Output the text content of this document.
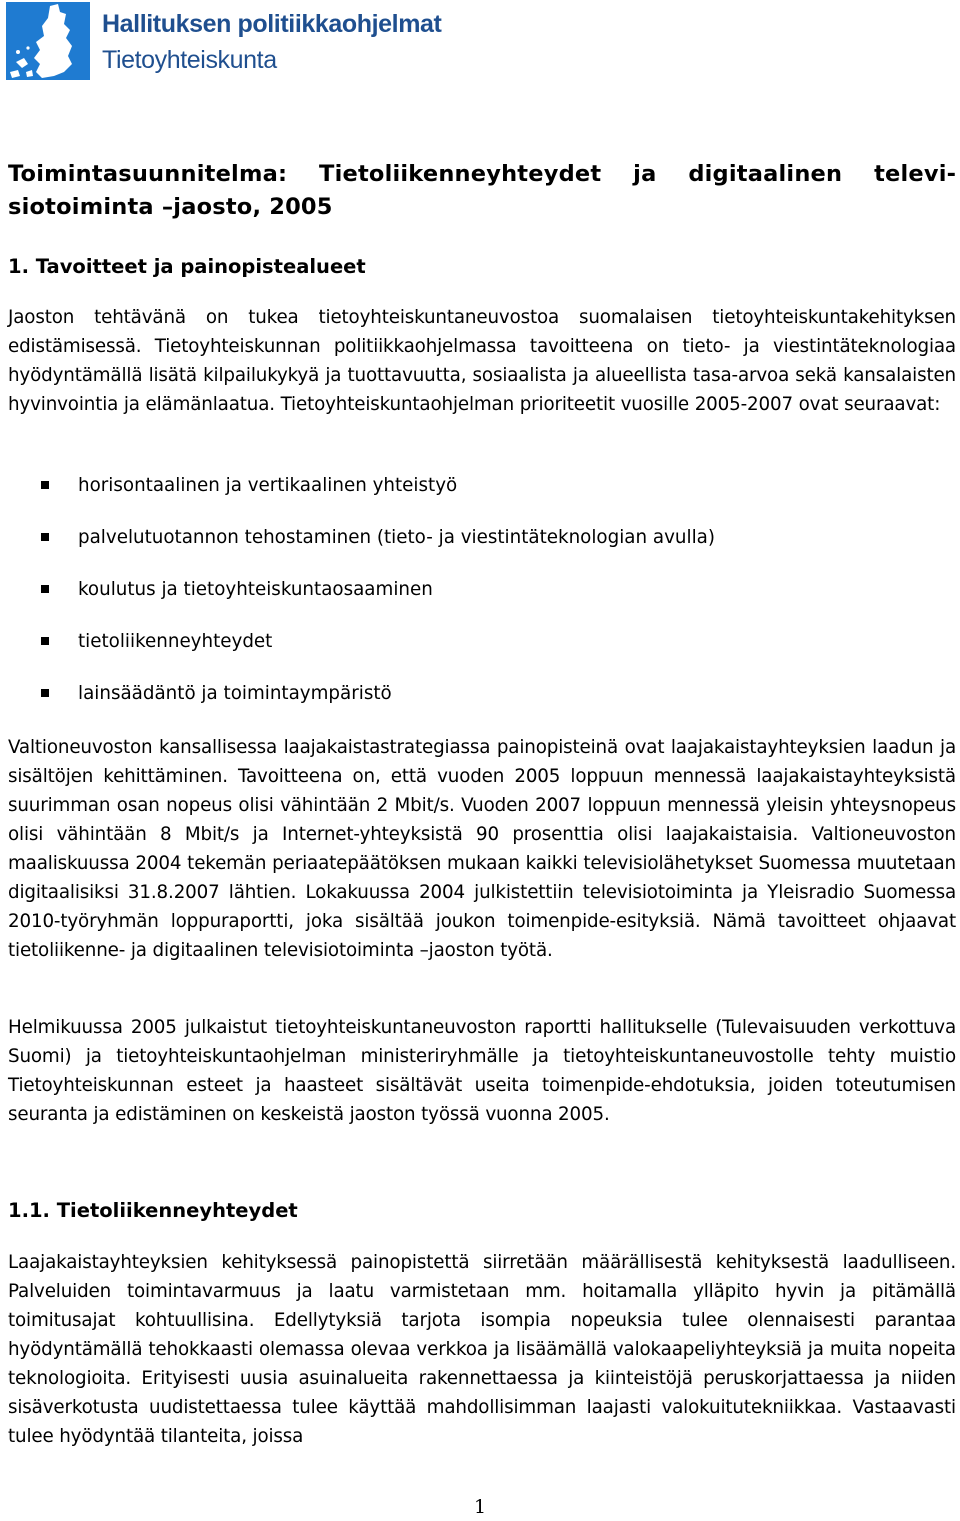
Hallituksen politiikkaohjelmat
Tietoyhteiskunta
Toimintasuunnitelma: Tietoliikenneyhteydet ja digitaalinen televisiotoiminta –jaosto, 2005
1. Tavoitteet ja painopistealueet

Jaoston tehtävänä on tukea tietoyhteiskuntaneuvostoa suomalaisen tietoyhteiskuntakehityksen edistämisessä. Tietoyhteiskunnan politiikkaohjelmassa tavoitteena on tieto- ja viestintäteknologiaa hyödyntämällä lisätä kilpailukykyä ja tuottavuutta, sosiaalista ja alueellista tasa-arvoa sekä kansalaisten hyvinvointia ja elämänlaatua. Tietoyhteiskuntaohjelman prioriteetit vuosille 2005-2007 ovat seuraavat:

horisontaalinen ja vertikaalinen yhteistyö
palvelutuotannon tehostaminen (tieto- ja viestintäteknologian avulla)
koulutus ja tietoyhteiskuntaosaaminen
tietoliikenneyhteydet
lainsäädäntö ja toimintaympäristö

Valtioneuvoston kansallisessa laajakaistastrategiassa painopisteinä ovat laajakaistayhteyksien laadun ja sisältöjen kehittäminen. Tavoitteena on, että vuoden 2005 loppuun mennessä laajakaistayhteyksistä suurimman osan nopeus olisi vähintään 2 Mbit/s. Vuoden 2007 loppuun mennessä yleisin yhteysnopeus olisi vähintään 8 Mbit/s ja Internet-yhteyksistä 90 prosenttia olisi laajakaistaisia. Valtioneuvoston maaliskuussa 2004 tekemän periaatepäätöksen mukaan kaikki televisiolähetykset Suomessa muutetaan digitaalisiksi 31.8.2007 lähtien. Lokakuussa 2004 julkistettiin televisiotoiminta ja Yleisradio Suomessa 2010-työryhmän loppuraportti, joka sisältää joukon toimenpide-esityksiä. Nämä tavoitteet ohjaavat tietoliikenne- ja digitaalinen televisiotoiminta –jaoston työtä.

Helmikuussa 2005 julkaistut tietoyhteiskuntaneuvoston raportti hallitukselle (Tulevaisuuden verkottuva Suomi) ja tietoyhteiskuntaohjelman ministeriryhmälle ja tietoyhteiskuntaneuvostolle tehty muistio Tietoyhteiskunnan esteet ja haasteet sisältävät useita toimenpide-ehdotuksia, joiden toteutumisen seuranta ja edistäminen on keskeistä jaoston työssä vuonna 2005.

1.1. Tietoliikenneyhteydet

Laajakaistayhteyksien kehityksessä painopistettä siirretään määrällisestä kehityksestä laadulliseen. Palveluiden toimintavarmuus ja laatu varmistetaan mm. hoitamalla ylläpito hyvin ja pitämällä toimitusajat kohtuullisina. Edellytyksiä tarjota isompia nopeuksia tulee olennaisesti parantaa hyödyntämällä tehokkaasti olemassa olevaa verkkoa ja lisäämällä valokaapeliyhteyksiä ja muita nopeita teknologioita. Erityisesti uusia asuinalueita rakennettaessa ja kiinteistöjä peruskorjattaessa ja niiden sisäverkotusta uudistettaessa tulee käyttää mahdollisimman laajasti valokuitutekniikkaa. Vastaavasti tulee hyödyntää tilanteita, joissa

1
